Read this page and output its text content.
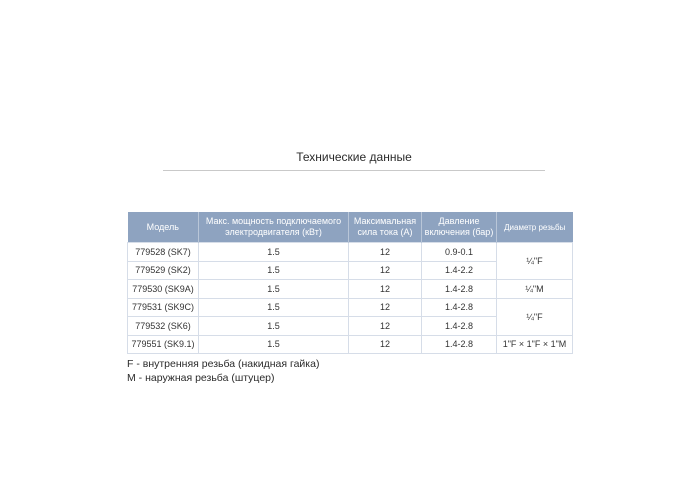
Технические данные
Модель	Макс. мощность подключаемого электродвигателя (кВт)	Максимальная сила тока (А)	Давление включения (бар)	Диаметр резьбы
779528 (SK7)	1.5	12	0.9-0.1	¼"F
779529 (SK2)	1.5	12	1.4-2.2	
779530 (SK9A)	1.5	12	1.4-2.8	¼"M
779531 (SK9C)	1.5	12	1.4-2.8	¼"F
779532 (SK6)	1.5	12	1.4-2.8	
779551 (SK9.1)	1.5	12	1.4-2.8	1"F × 1"F × 1"M
F - внутренняя резьба (накидная гайка)
M - наружная резьба (штуцер)
